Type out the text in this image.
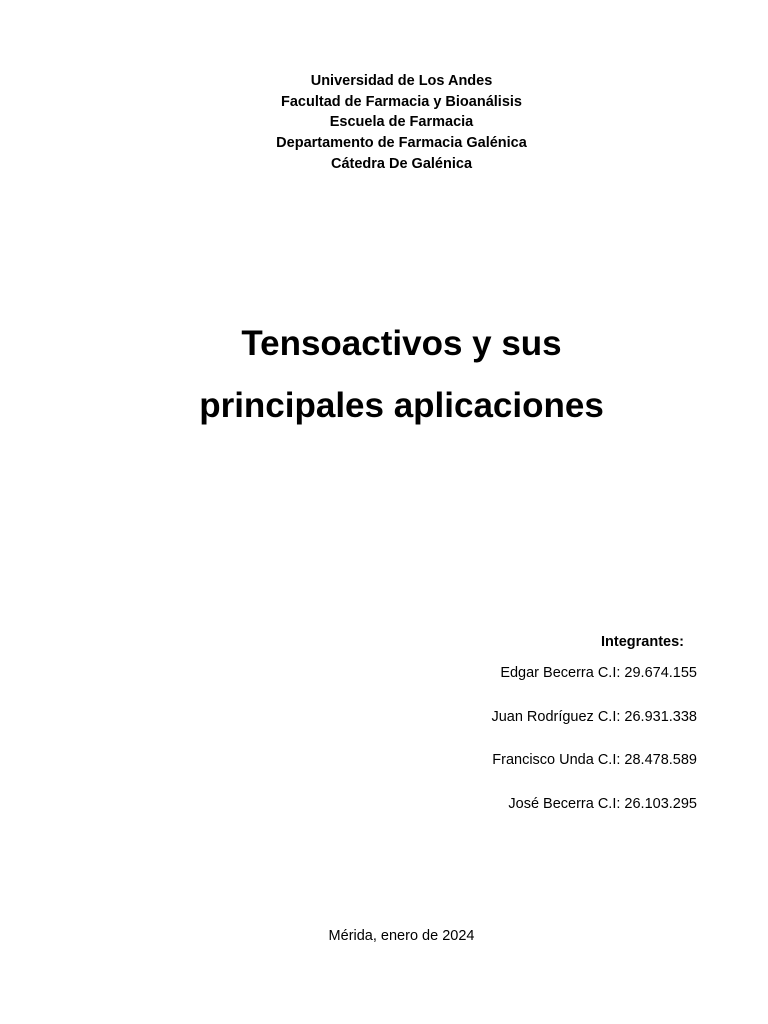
Universidad de Los Andes
Facultad de Farmacia y Bioanálisis
Escuela de Farmacia
Departamento de Farmacia Galénica
Cátedra De Galénica
Tensoactivos y sus
principales aplicaciones
Integrantes:
Edgar Becerra C.I: 29.674.155
Juan Rodríguez C.I: 26.931.338
Francisco Unda C.I: 28.478.589
José Becerra C.I: 26.103.295
Mérida, enero de 2024
